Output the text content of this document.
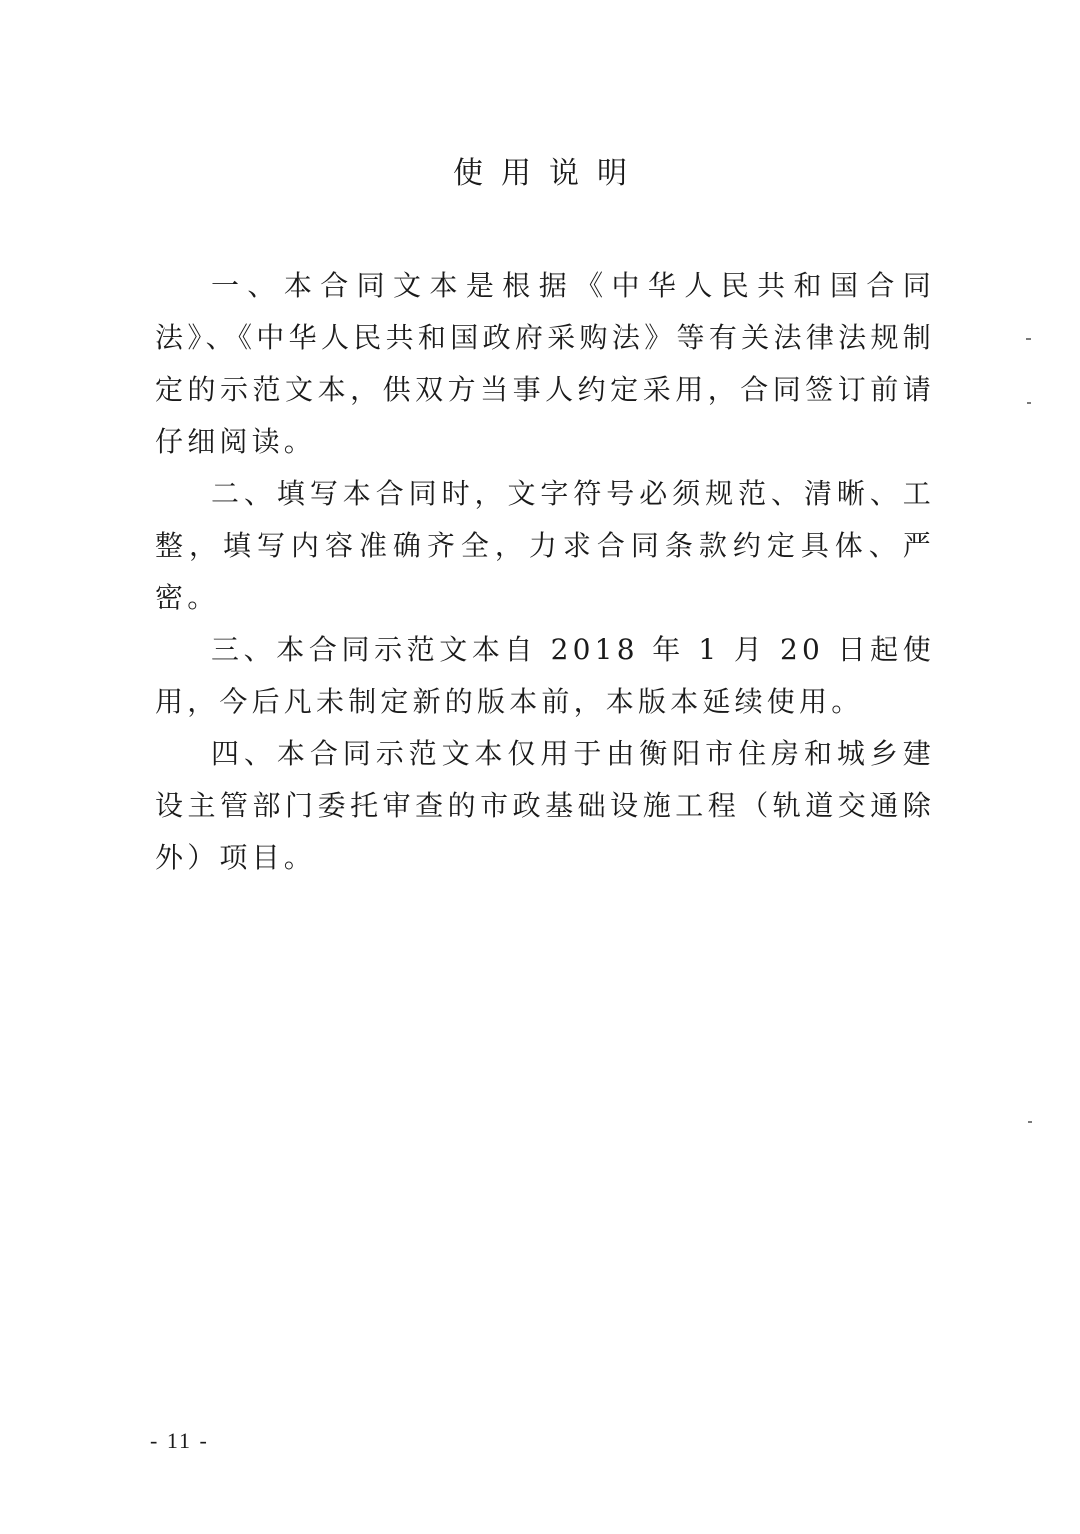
使用说明

一、本合同文本是根据《中华人民共和国合同法》、《中华人民共和国政府采购法》等有关法律法规制定的示范文本，供双方当事人约定采用，合同签订前请仔细阅读。

二、填写本合同时，文字符号必须规范、清晰、工整，填写内容准确齐全，力求合同条款约定具体、严密。

三、本合同示范文本自 2018 年 1 月 20 日起使用，今后凡未制定新的版本前，本版本延续使用。

四、本合同示范文本仅用于由衡阳市住房和城乡建设主管部门委托审查的市政基础设施工程（轨道交通除外）项目。

- 11 -
